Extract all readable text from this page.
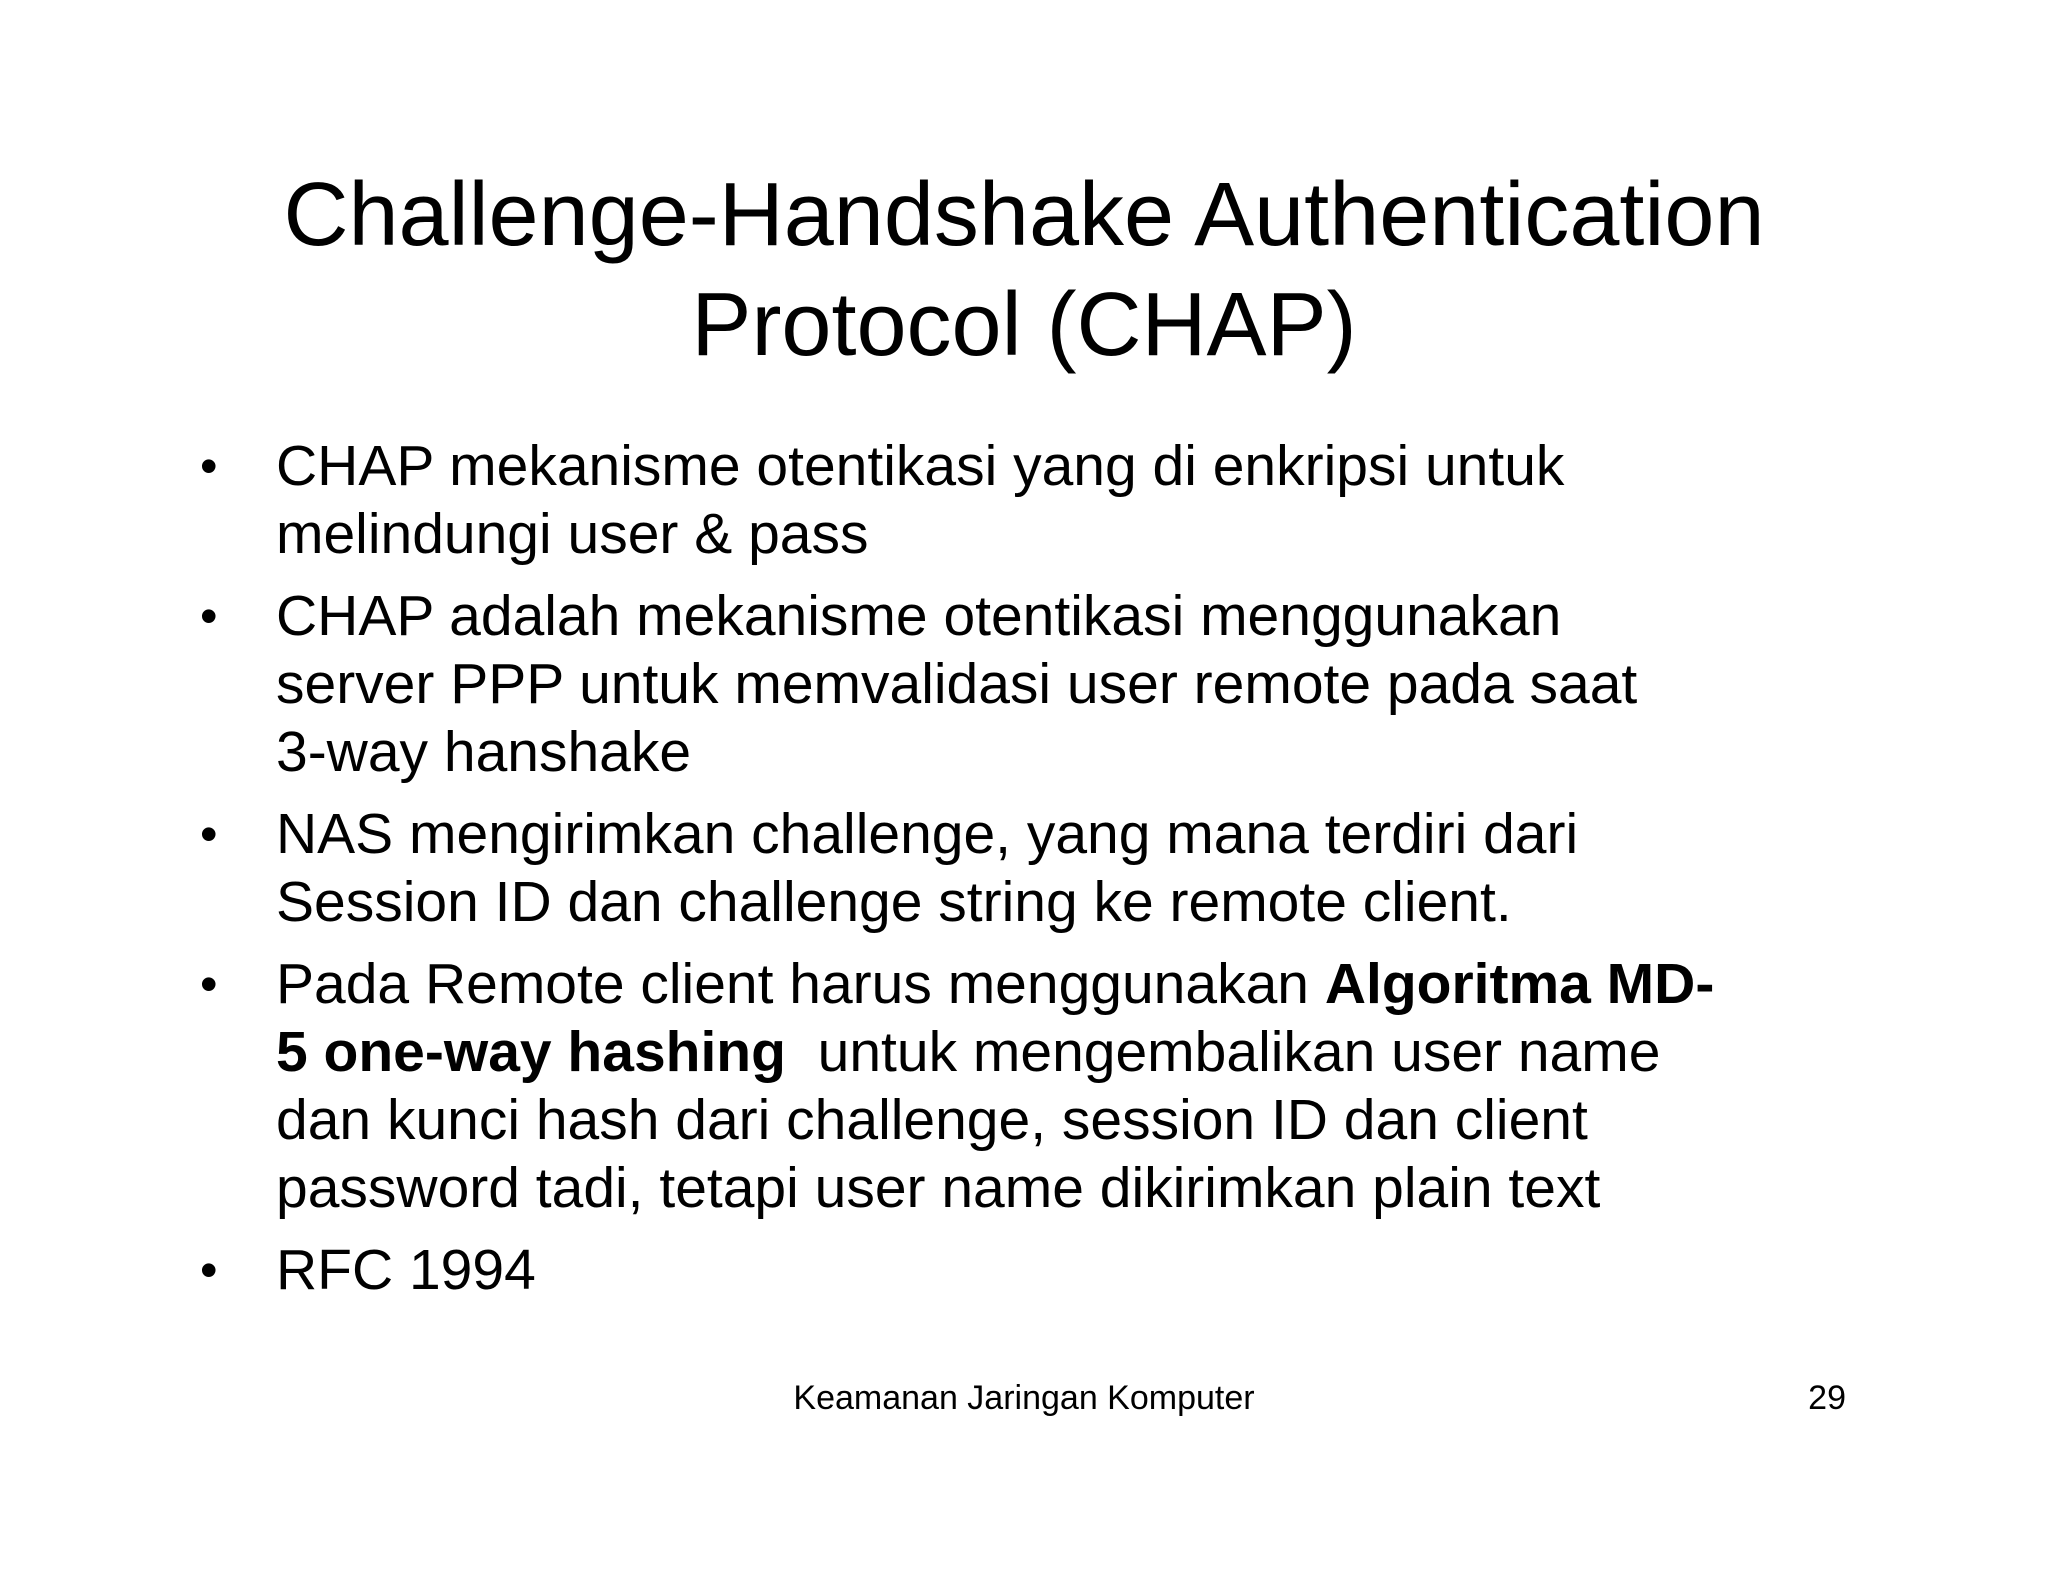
Challenge-Handshake Authentication
Protocol (CHAP)
•	CHAP mekanisme otentikasi yang di enkripsi untuk
melindungi user & pass
•	CHAP adalah mekanisme otentikasi menggunakan
server PPP untuk memvalidasi user remote pada saat
3-way hanshake
•	NAS mengirimkan challenge, yang mana terdiri dari
Session ID dan challenge string ke remote client.
•	Pada Remote client harus menggunakan Algoritma MD-
5 one-way hashing  untuk mengembalikan user name
dan kunci hash dari challenge, session ID dan client
password tadi, tetapi user name dikirimkan plain text
•	RFC 1994
Keamanan Jaringan Komputer	29
